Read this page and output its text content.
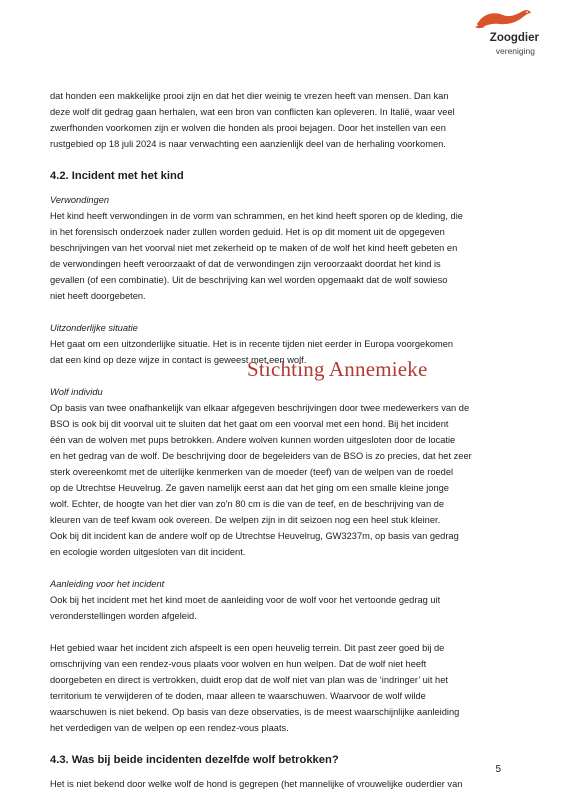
Zoogdier
vereniging

dat honden een makkelijke prooi zijn en dat het dier weinig te vrezen heeft van mensen. Dan kan
deze wolf dit gedrag gaan herhalen, wat een bron van conflicten kan opleveren. In Italië, waar veel
zwerfhonden voorkomen zijn er wolven die honden als prooi bejagen. Door het instellen van een
rustgebied op 18 juli 2024 is naar verwachting een aanzienlijk deel van de herhaling voorkomen.

4.2. Incident met het kind
Verwondingen

Het kind heeft verwondingen in de vorm van schrammen, en het kind heeft sporen op de kleding, die
in het forensisch onderzoek nader zullen worden geduid. Het is op dit moment uit de opgegeven
beschrijvingen van het voorval niet met zekerheid op te maken of de wolf het kind heeft gebeten en
de verwondingen heeft veroorzaakt of dat de verwondingen zijn veroorzaakt doordat het kind is
gevallen (of een combinatie). Uit de beschrijving kan wel worden opgemaakt dat de wolf sowieso
niet heeft doorgebeten.

Uitzonderlijke situatie

Het gaat om een uitzonderlijke situatie. Het is in recente tijden niet eerder in Europa voorgekomen
dat een kind op deze wijze in contact is geweest met een wolf.

Wolf individu

Op basis van twee onafhankelijk van elkaar afgegeven beschrijvingen door twee medewerkers van de
BSO is ook bij dit voorval uit te sluiten dat het gaat om een voorval met een hond. Bij het incident
één van de wolven met pups betrokken. Andere wolven kunnen worden uitgesloten door de locatie
en het gedrag van de wolf. De beschrijving door de begeleiders van de BSO is zo precies, dat het zeer
sterk overeenkomt met de uiterlijke kenmerken van de moeder (teef) van de welpen van de roedel
op de Utrechtse Heuvelrug. Ze gaven namelijk eerst aan dat het ging om een smalle kleine jonge
wolf. Echter, de hoogte van het dier van zo'n 80 cm is die van de teef, en de beschrijving van de
kleuren van de teef kwam ook overeen. De welpen zijn in dit seizoen nog een heel stuk kleiner.
Ook bij dit incident kan de andere wolf op de Utrechtse Heuvelrug, GW3237m, op basis van gedrag
en ecologie worden uitgesloten van dit incident.

Aanleiding voor het incident

Ook bij het incident met het kind moet de aanleiding voor de wolf voor het vertoonde gedrag uit
veronderstellingen worden afgeleid.

Het gebied waar het incident zich afspeelt is een open heuvelig terrein. Dit past zeer goed bij de
omschrijving van een rendez-vous plaats voor wolven en hun welpen. Dat de wolf niet heeft
doorgebeten en direct is vertrokken, duidt erop dat de wolf niet van plan was de ‘indringer’ uit het
territorium te verwijderen of te doden, maar alleen te waarschuwen. Waarvoor de wolf wilde
waarschuwen is niet bekend. Op basis van deze observaties, is de meest waarschijnlijke aanleiding
het verdedigen van de welpen op een rendez-vous plaats.

4.3. Was bij beide incidenten dezelfde wolf betrokken?

Het is niet bekend door welke wolf de hond is gegrepen (het mannelijke of vrouwelijke ouderdier van

Stichting Annemieke
5
